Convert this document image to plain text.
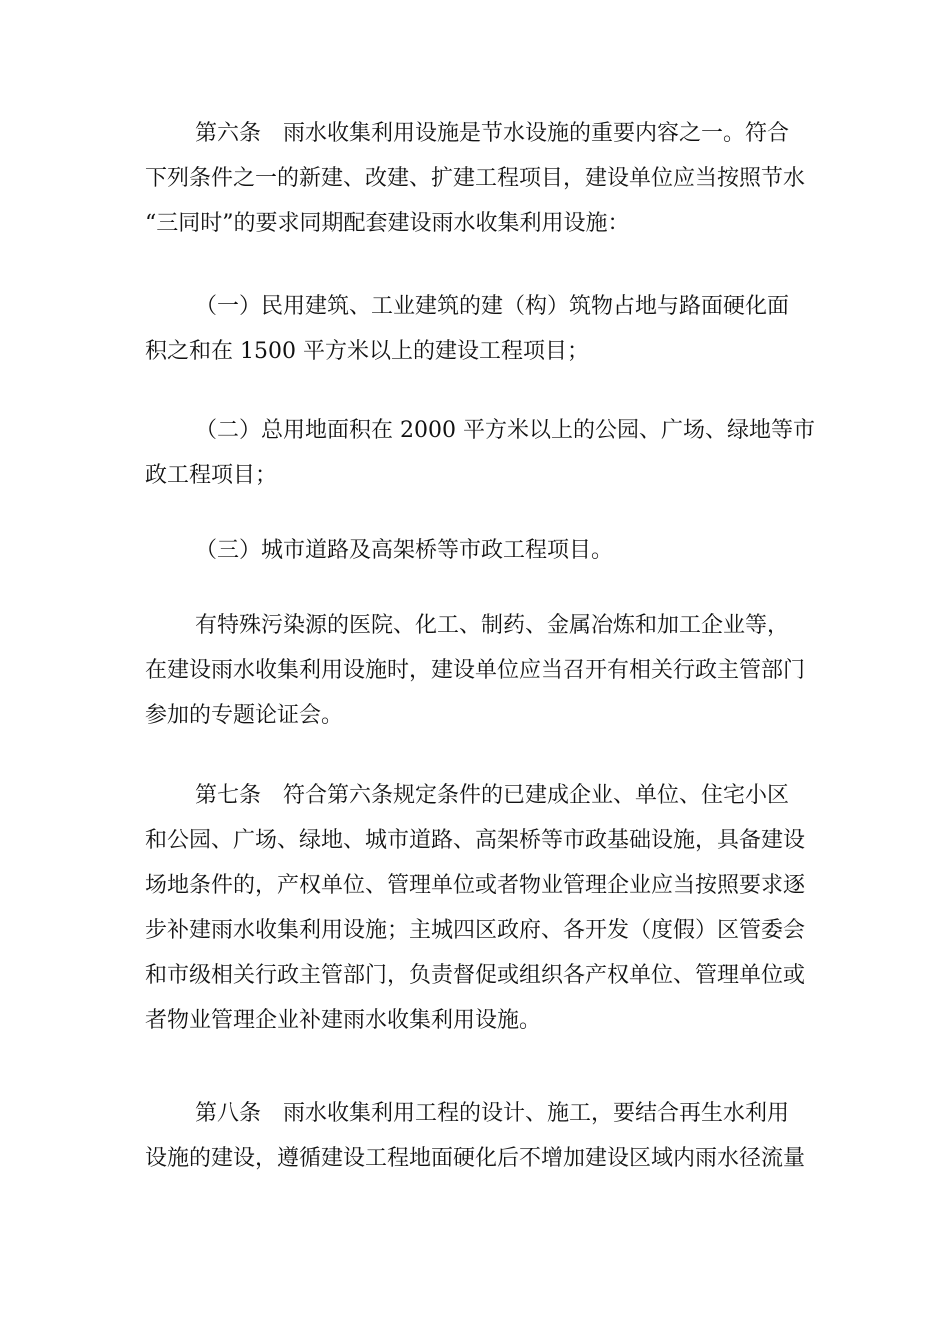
第六条　雨水收集利用设施是节水设施的重要内容之一。符合
下列条件之一的新建、改建、扩建工程项目，建设单位应当按照节水
“三同时”的要求同期配套建设雨水收集利用设施：
（一）民用建筑、工业建筑的建（构）筑物占地与路面硬化面
积之和在 1500 平方米以上的建设工程项目；
（二）总用地面积在 2000 平方米以上的公园、广场、绿地等市
政工程项目；
（三）城市道路及高架桥等市政工程项目。
有特殊污染源的医院、化工、制药、金属冶炼和加工企业等，
在建设雨水收集利用设施时，建设单位应当召开有相关行政主管部门
参加的专题论证会。
第七条　符合第六条规定条件的已建成企业、单位、住宅小区
和公园、广场、绿地、城市道路、高架桥等市政基础设施，具备建设
场地条件的，产权单位、管理单位或者物业管理企业应当按照要求逐
步补建雨水收集利用设施；主城四区政府、各开发（度假）区管委会
和市级相关行政主管部门，负责督促或组织各产权单位、管理单位或
者物业管理企业补建雨水收集利用设施。
第八条　雨水收集利用工程的设计、施工，要结合再生水利用
设施的建设，遵循建设工程地面硬化后不增加建设区域内雨水径流量
